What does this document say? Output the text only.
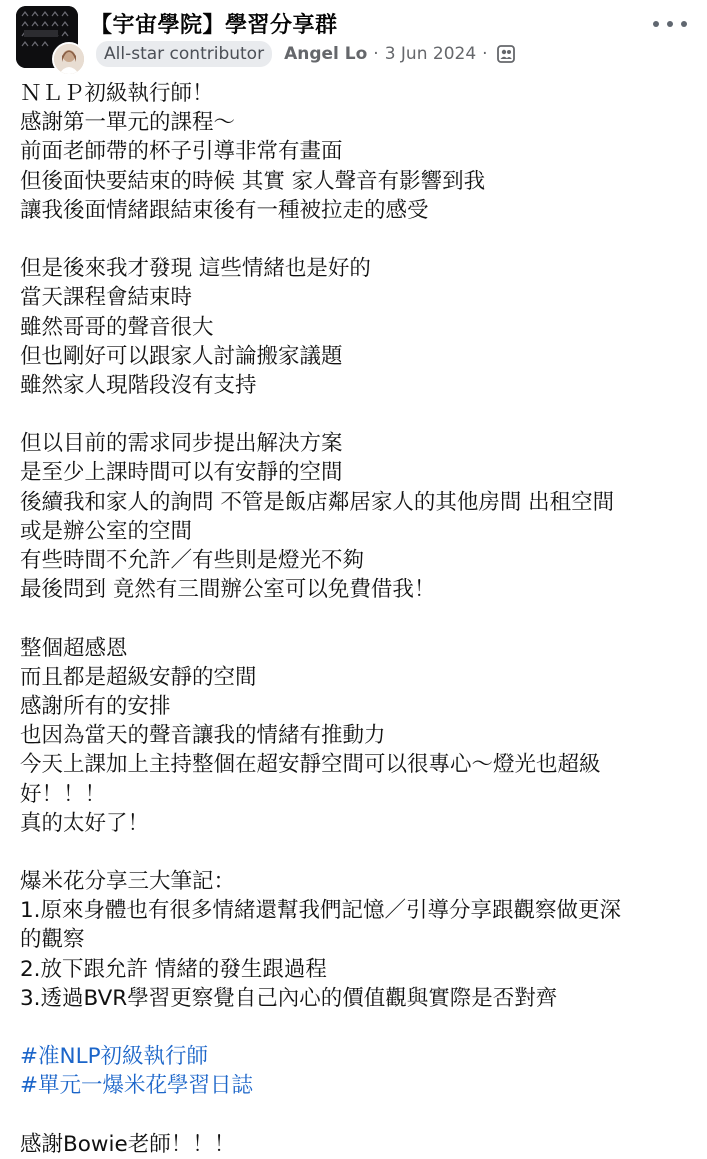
【宇宙學院】學習分享群
All-star contributor	Angel Lo · 3 Jun 2024 ·
ＮＬＰ初級執行師！
感謝第一單元的課程～
前面老師帶的杯子引導非常有畫面
但後面快要結束的時候 其實 家人聲音有影響到我
讓我後面情緒跟結束後有一種被拉走的感受
但是後來我才發現 這些情緒也是好的
當天課程會結束時
雖然哥哥的聲音很大
但也剛好可以跟家人討論搬家議題
雖然家人現階段沒有支持
但以目前的需求同步提出解決方案
是至少上課時間可以有安靜的空間
後續我和家人的詢問 不管是飯店鄰居家人的其他房間 出租空間
或是辦公室的空間
有些時間不允許／有些則是燈光不夠
最後問到 竟然有三間辦公室可以免費借我！
整個超感恩
而且都是超級安靜的空間
感謝所有的安排
也因為當天的聲音讓我的情緒有推動力
今天上課加上主持整個在超安靜空間可以很專心～燈光也超級
好！！！
真的太好了！
爆米花分享三大筆記：
1.原來身體也有很多情緒還幫我們記憶／引導分享跟觀察做更深
的觀察
2.放下跟允許 情緒的發生跟過程
3.透過BVR學習更察覺自己內心的價值觀與實際是否對齊
#准NLP初級執行師
#單元一爆米花學習日誌
感謝Bowie老師！！！
